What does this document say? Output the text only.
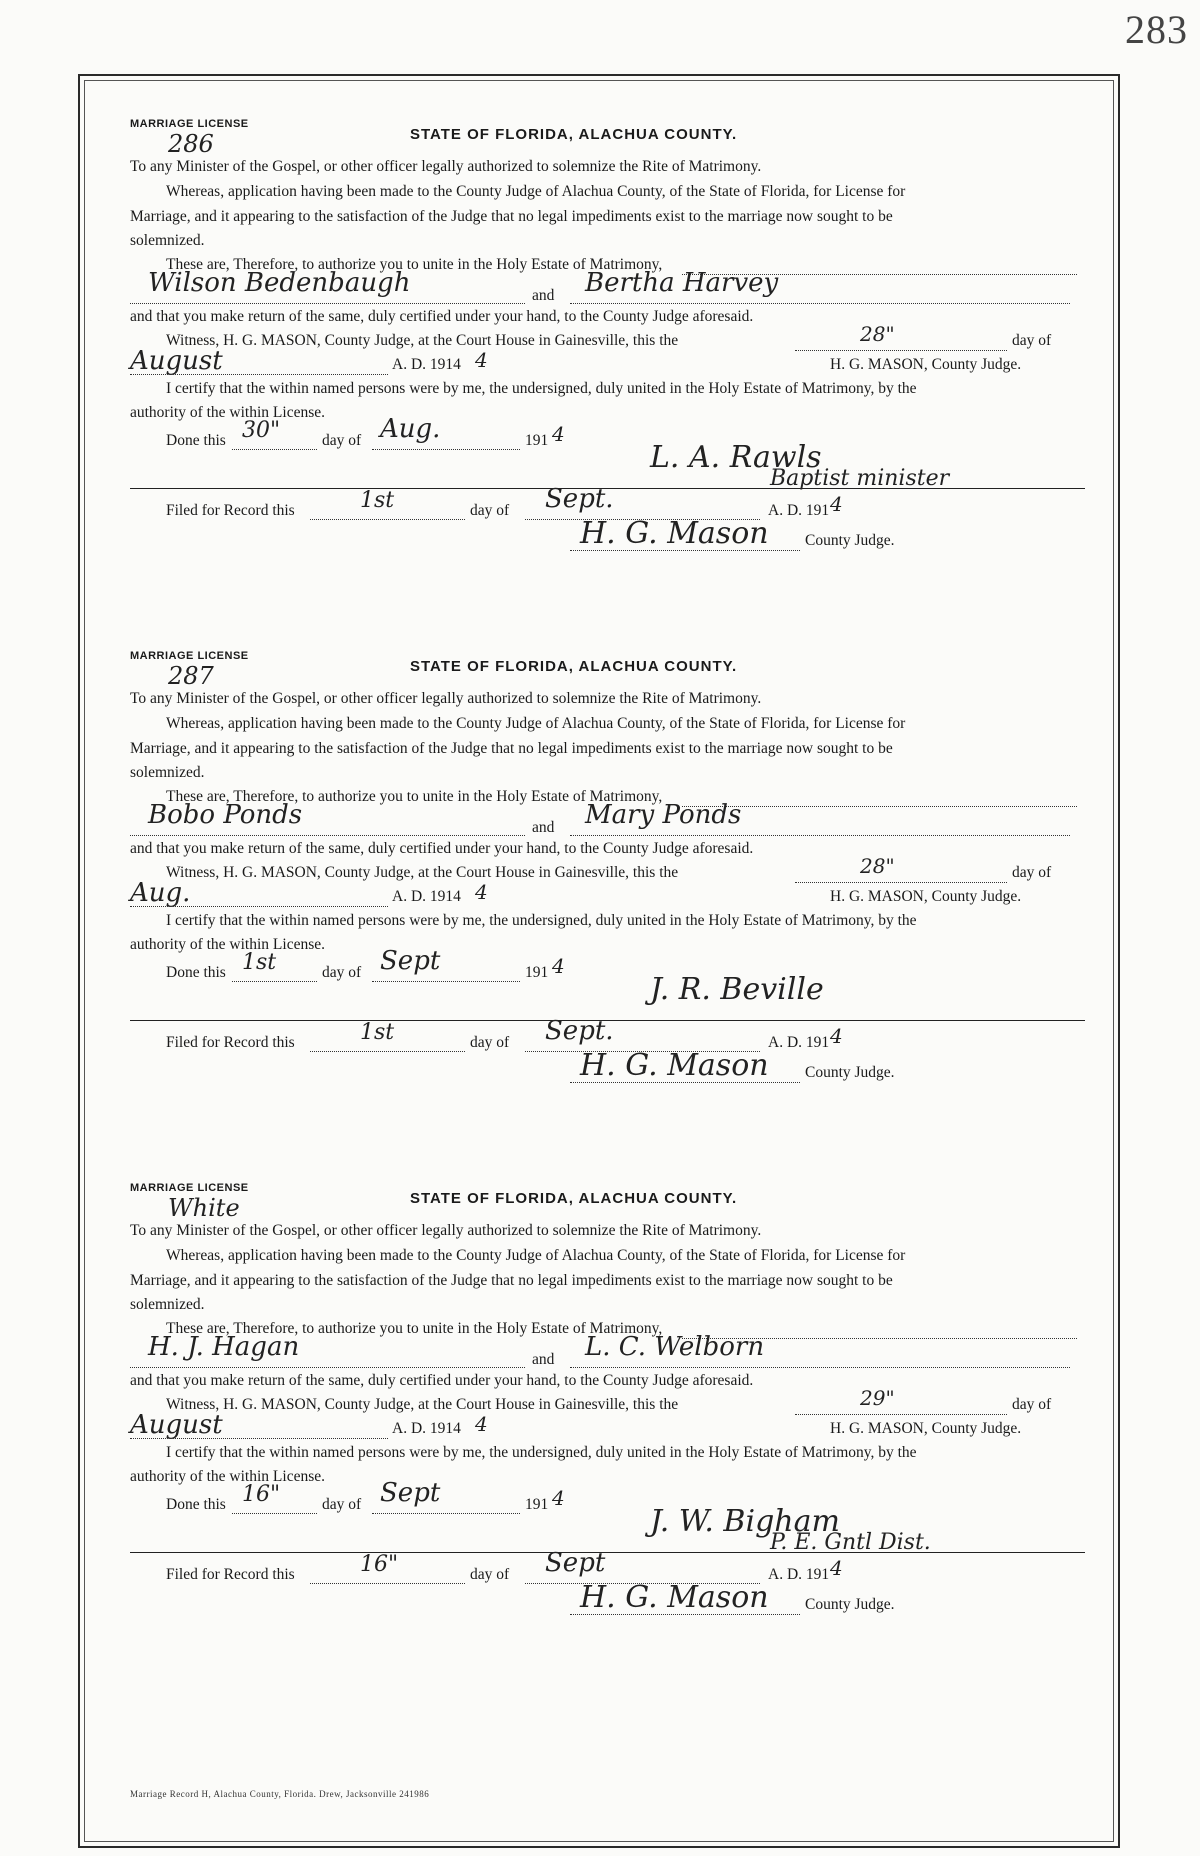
283
MARRIAGE LICENSE
286	STATE OF FLORIDA, ALACHUA COUNTY.
To any Minister of the Gospel, or other officer legally authorized to solemnize the Rite of Matrimony.
Whereas, application having been made to the County Judge of Alachua County, of the State of Florida, for License for
Marriage, and it appearing to the satisfaction of the Judge that no legal impediments exist to the marriage now sought to be
solemnized.
These are, Therefore, to authorize you to unite in the Holy Estate of Matrimony,
Wilson Bedenbaugh	and Bertha Harvey
and that you make return of the same, duly certified under your hand, to the County Judge aforesaid.
Witness, H. G. MASON, County Judge, at the Court House in Gainesville, this the	28"	day of
August	A. D. 1914 4	H. G. MASON, County Judge.
I certify that the within named persons were by me, the undersigned, duly united in the Holy Estate of Matrimony, by the
authority of the within License.
Done this 30"	day of Aug.	191 4
L. A. Rawls
Baptist minister
Filed for Record this	1st	day of Sept.	A. D. 191 4
H. G. Mason County Judge.
MARRIAGE LICENSE
287	STATE OF FLORIDA, ALACHUA COUNTY.
To any Minister of the Gospel, or other officer legally authorized to solemnize the Rite of Matrimony.
Whereas, application having been made to the County Judge of Alachua County, of the State of Florida, for License for
Marriage, and it appearing to the satisfaction of the Judge that no legal impediments exist to the marriage now sought to be
solemnized.
These are, Therefore, to authorize you to unite in the Holy Estate of Matrimony,
Bobo Ponds	and Mary Ponds
and that you make return of the same, duly certified under your hand, to the County Judge aforesaid.
Witness, H. G. MASON, County Judge, at the Court House in Gainesville, this the	28"	day of
Aug.	A. D. 1914 4	H. G. MASON, County Judge.
I certify that the within named persons were by me, the undersigned, duly united in the Holy Estate of Matrimony, by the
authority of the within License.
Done this 1st	day of Sept	191 4
J. R. Beville
Filed for Record this	1st	day of Sept.	A. D. 191 4
H. G. Mason County Judge.
MARRIAGE LICENSE
White	STATE OF FLORIDA, ALACHUA COUNTY.
To any Minister of the Gospel, or other officer legally authorized to solemnize the Rite of Matrimony.
Whereas, application having been made to the County Judge of Alachua County, of the State of Florida, for License for
Marriage, and it appearing to the satisfaction of the Judge that no legal impediments exist to the marriage now sought to be
solemnized.
These are, Therefore, to authorize you to unite in the Holy Estate of Matrimony,
H. J. Hagan	and L. C. Welborn
and that you make return of the same, duly certified under your hand, to the County Judge aforesaid.
Witness, H. G. MASON, County Judge, at the Court House in Gainesville, this the	29"	day of
August	A. D. 1914 4	H. G. MASON, County Judge.
I certify that the within named persons were by me, the undersigned, duly united in the Holy Estate of Matrimony, by the
authority of the within License.
Done this 16"	day of Sept	191 4
J. W. Bigham
P. E. Gntl Dist.
Filed for Record this	16"	day of Sept	A. D. 191 4
H. G. Mason County Judge.
Marriage Record H, Alachua County, Florida. Drew, Jacksonville 241986
